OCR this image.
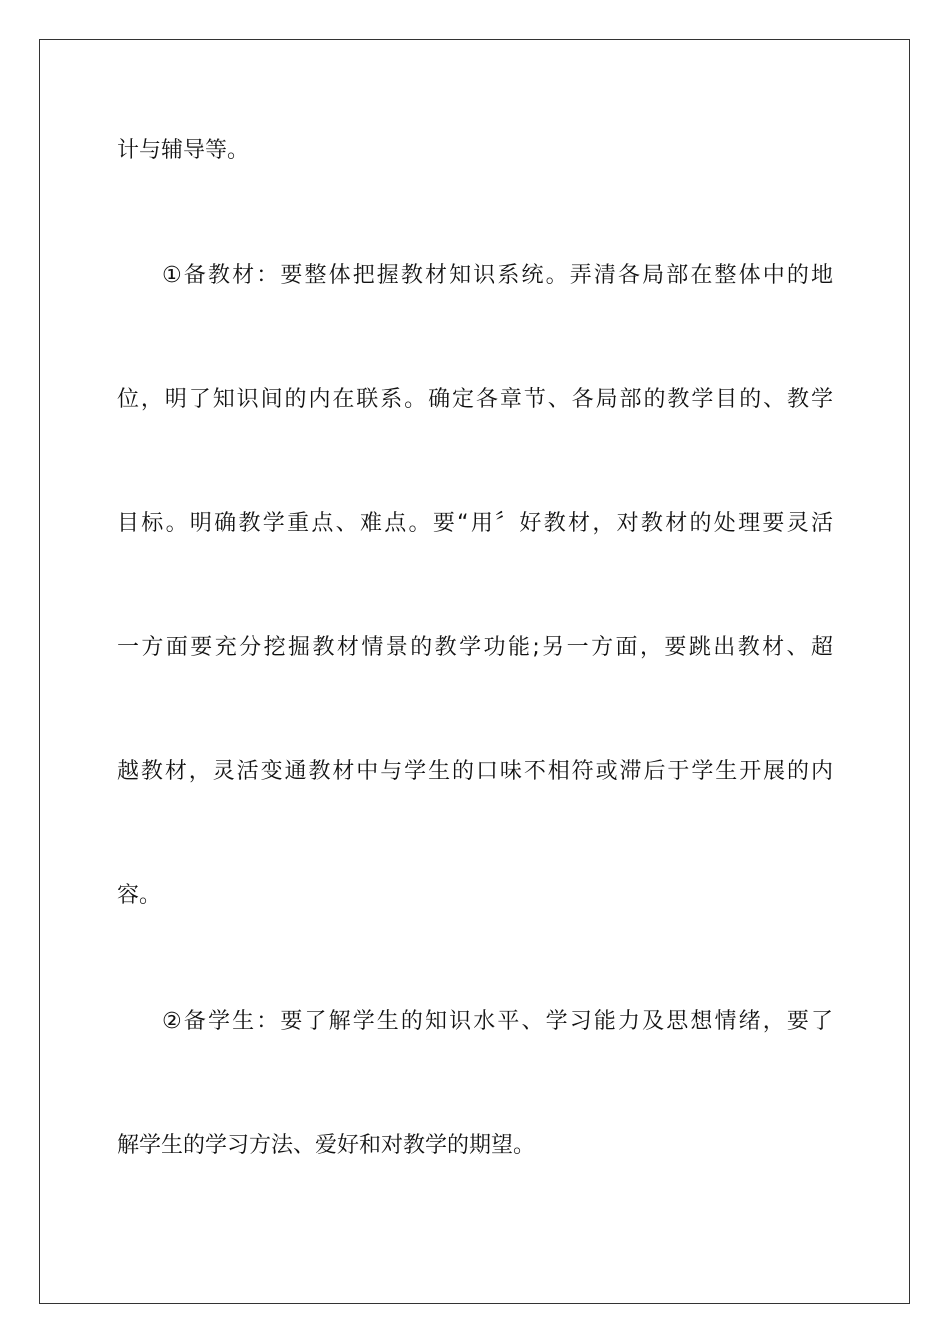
计与辅导等。
①备教材：要整体把握教材知识系统。弄清各局部在整体中的地
位，明了知识间的内在联系。确定各章节、各局部的教学目的、教学
目标。明确教学重点、难点。要“用〞好教材，对教材的处理要灵活
一方面要充分挖掘教材情景的教学功能;另一方面，要跳出教材、超
越教材，灵活变通教材中与学生的口味不相符或滞后于学生开展的内
容。
②备学生：要了解学生的知识水平、学习能力及思想情绪，要了
解学生的学习方法、爱好和对教学的期望。
